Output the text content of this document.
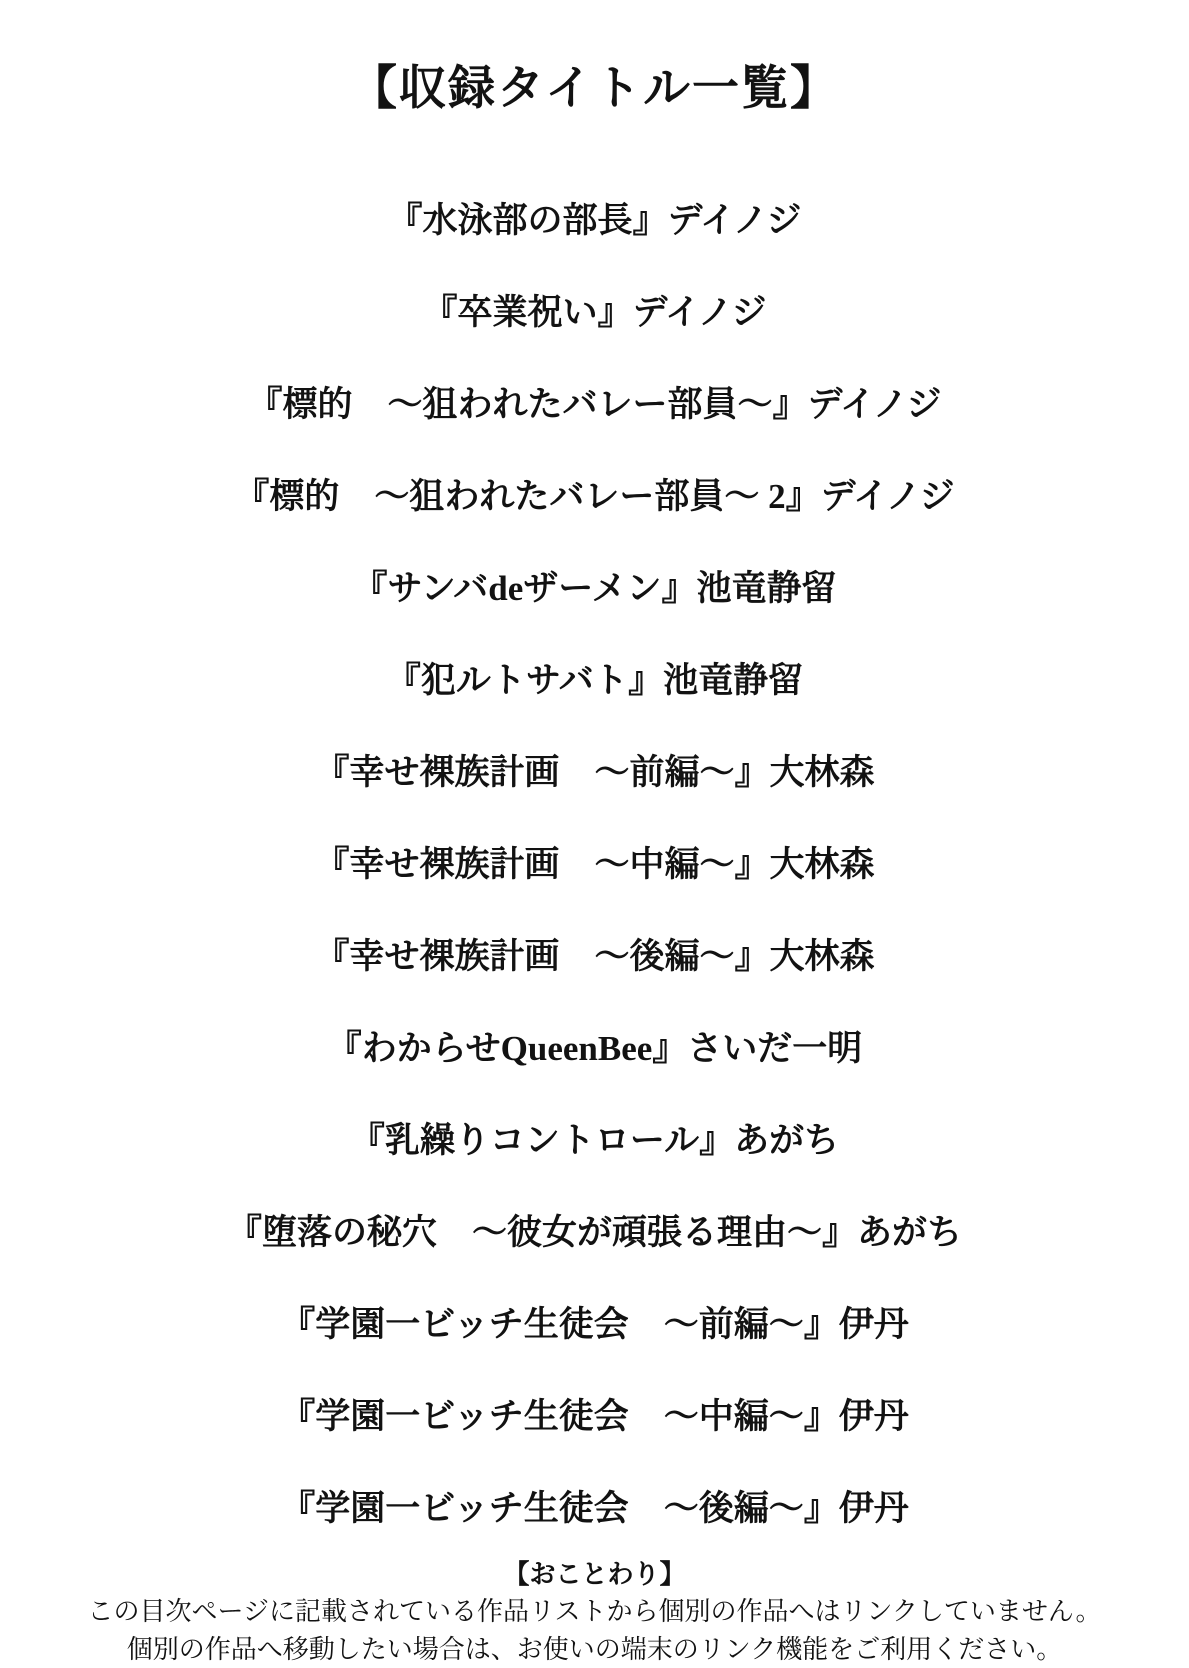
【収録タイトル一覧】
『水泳部の部長』 デイノジ
『卒業祝い』 デイノジ
『標的　～狙われたバレー部員～』 デイノジ
『標的　～狙われたバレー部員～ 2』 デイノジ
『サンバdeザーメン』 池竜静留
『犯ルトサバト』 池竜静留
『幸せ裸族計画　～前編～』 大林森
『幸せ裸族計画　～中編～』 大林森
『幸せ裸族計画　～後編～』 大林森
『わからせQueenBee』 さいだ一明
『乳繰りコントロール』 あがち
『堕落の秘穴　～彼女が頑張る理由～』 あがち
『学園一ビッチ生徒会　～前編～』 伊丹
『学園一ビッチ生徒会　～中編～』 伊丹
『学園一ビッチ生徒会　～後編～』 伊丹
【おことわり】
この目次ページに記載されている作品リストから個別の作品へはリンクしていません。
個別の作品へ移動したい場合は、お使いの端末のリンク機能をご利用ください。
